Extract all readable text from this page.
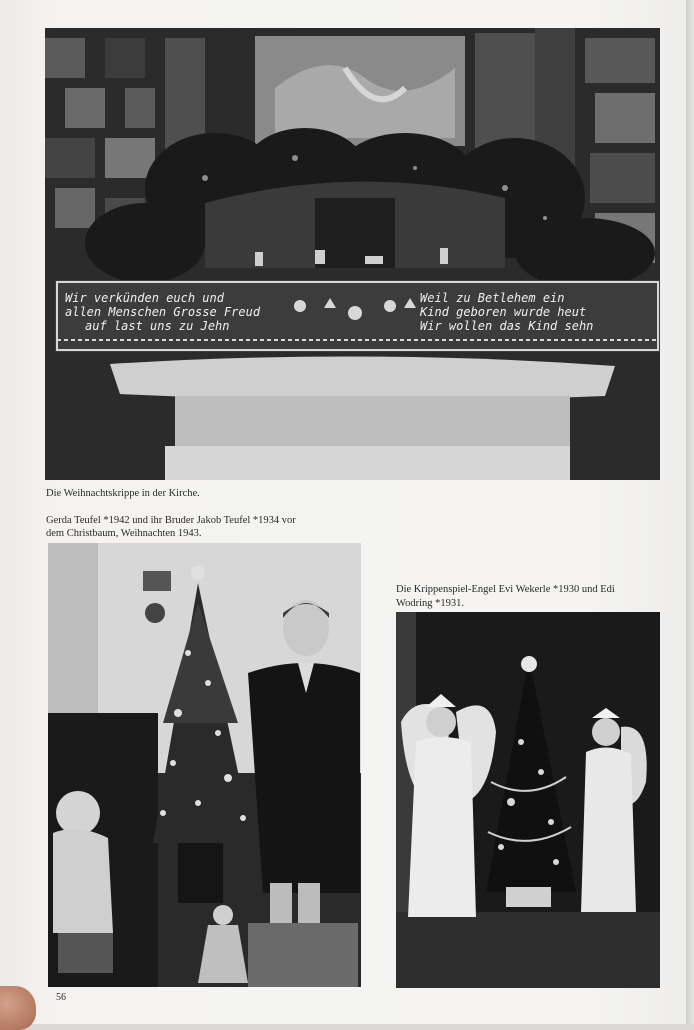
Wir verkünden euch und
allen Menschen Grosse Freud
auf last uns zu Jehn
Weil zu Betlehem ein
Kind geboren wurde heut
Wir wollen das Kind sehn
Die Weihnachtskrippe in der Kirche.
Gerda Teufel *1942 und ihr Bruder Jakob Teufel *1934 vor
dem Christbaum, Weihnachten 1943.
Die Krippenspiel-Engel Evi Wekerle *1930 und Edi
Wodring *1931.
56
